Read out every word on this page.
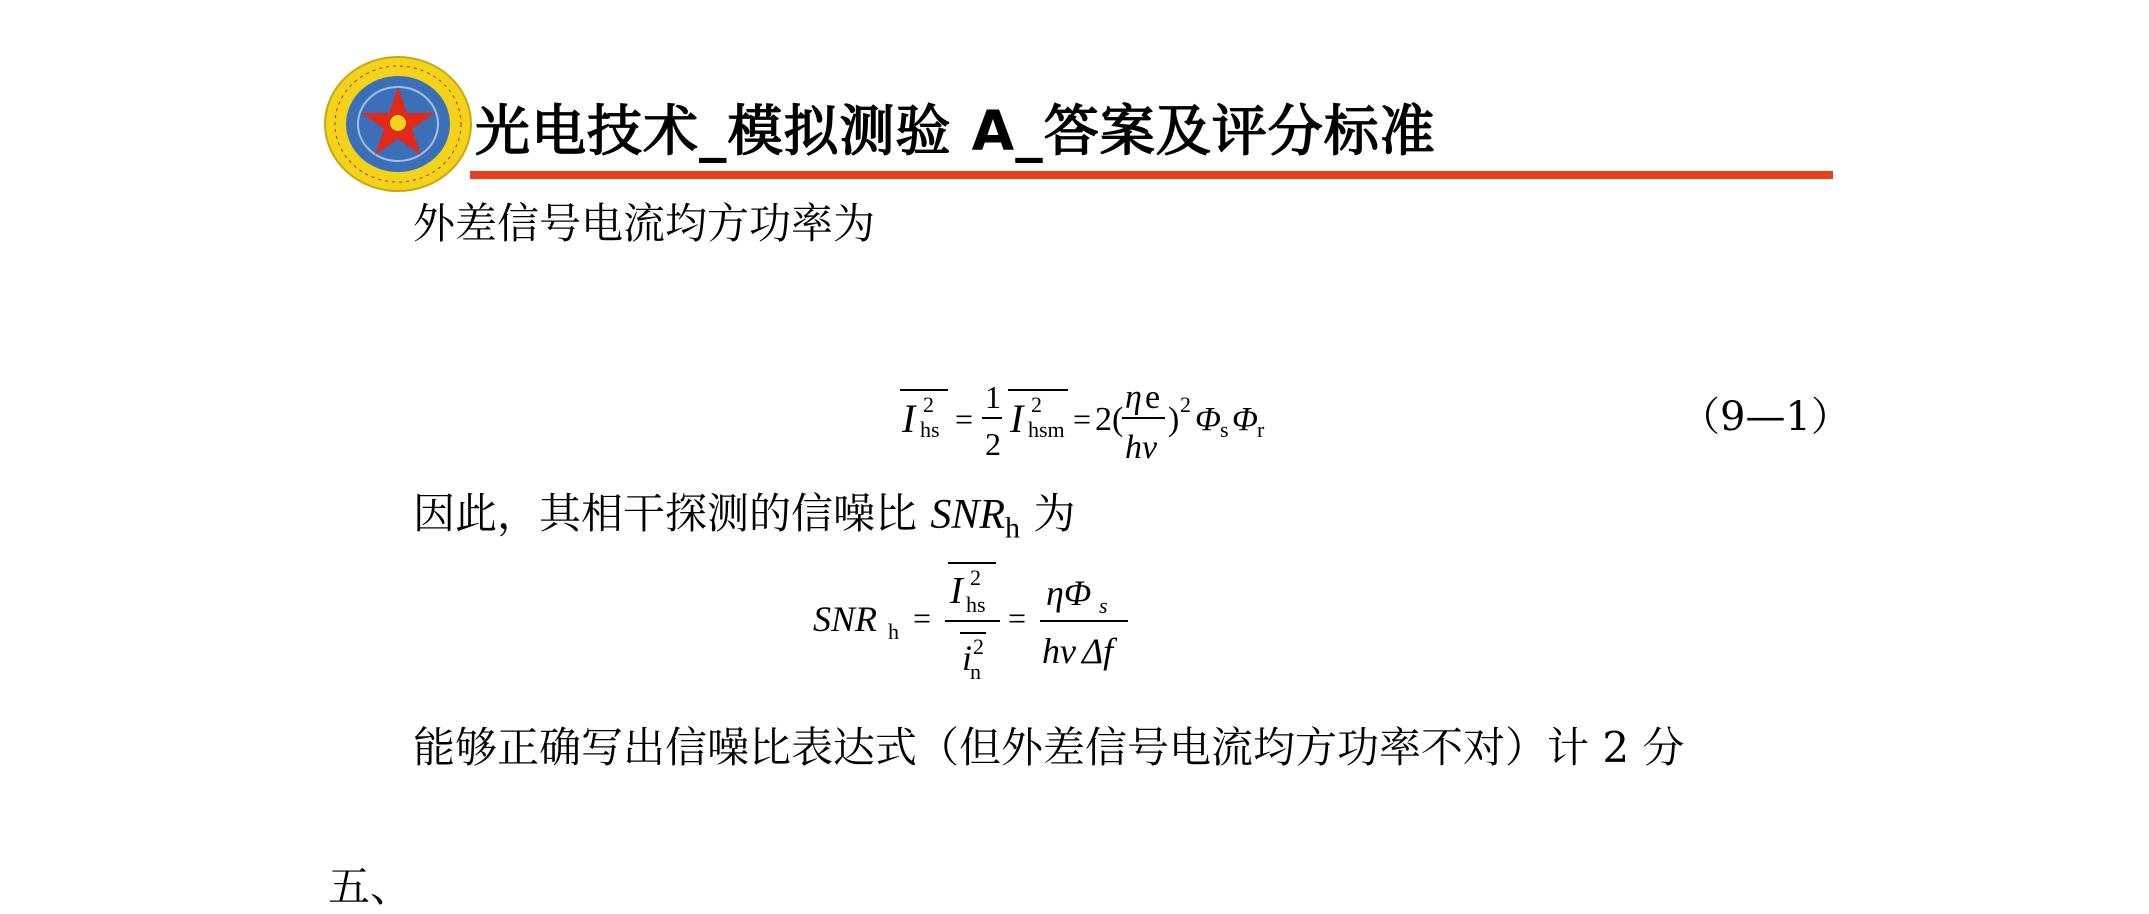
光电技术_模拟测验 A_答案及评分标准

外差信号电流均方功率为

I 2
hs =
1
2
I 2
hsm = 2(
η e
hν
) 2 Φ s Φ r	（9—1）

因此，其相干探测的信噪比 $SNR_h$ 为

SNR h =
I 2
hs
i 2
n
=
ηΦ s
hν Δf

能够正确写出信噪比表达式（但外差信号电流均方功率不对）计 2 分

五、
